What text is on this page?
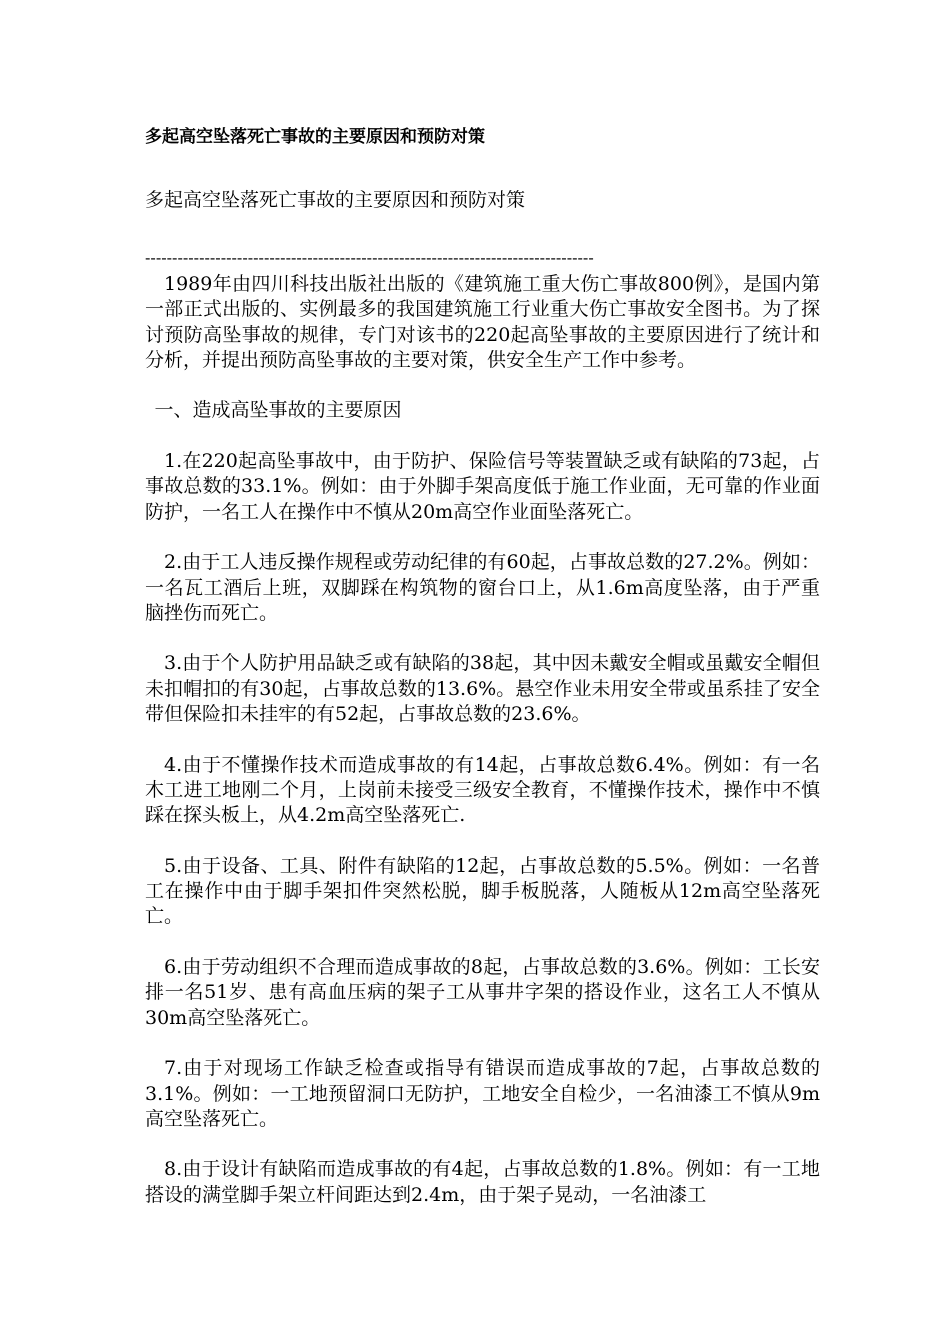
多起高空坠落死亡事故的主要原因和预防对策
多起高空坠落死亡事故的主要原因和预防对策
-----------------------------------------------------------------------------------

1989年由四川科技出版社出版的《建筑施工重大伤亡事故800例》，是国内第一部正式出版的、实例最多的我国建筑施工行业重大伤亡事故安全图书。为了探讨预防高坠事故的规律，专门对该书的220起高坠事故的主要原因进行了统计和分析，并提出预防高坠事故的主要对策，供安全生产工作中参考。

一、造成高坠事故的主要原因

1.在220起高坠事故中，由于防护、保险信号等装置缺乏或有缺陷的73起，占事故总数的33.1%。例如：由于外脚手架高度低于施工作业面，无可靠的作业面防护，一名工人在操作中不慎从20m高空作业面坠落死亡。

2.由于工人违反操作规程或劳动纪律的有60起，占事故总数的27.2%。例如：一名瓦工酒后上班，双脚踩在构筑物的窗台口上，从1.6m高度坠落，由于严重脑挫伤而死亡。

3.由于个人防护用品缺乏或有缺陷的38起，其中因未戴安全帽或虽戴安全帽但未扣帽扣的有30起，占事故总数的13.6%。悬空作业未用安全带或虽系挂了安全带但保险扣未挂牢的有52起，占事故总数的23.6%。

4.由于不懂操作技术而造成事故的有14起，占事故总数6.4%。例如：有一名木工进工地刚二个月，上岗前未接受三级安全教育，不懂操作技术，操作中不慎踩在探头板上，从4.2m高空坠落死亡.

5.由于设备、工具、附件有缺陷的12起，占事故总数的5.5%。例如：一名普工在操作中由于脚手架扣件突然松脱，脚手板脱落，人随板从12m高空坠落死亡。

6.由于劳动组织不合理而造成事故的8起，占事故总数的3.6%。例如：工长安排一名51岁、患有高血压病的架子工从事井字架的搭设作业，这名工人不慎从30m高空坠落死亡。

7.由于对现场工作缺乏检查或指导有错误而造成事故的7起，占事故总数的3.1%。例如：一工地预留洞口无防护，工地安全自检少，一名油漆工不慎从9m高空坠落死亡。

8.由于设计有缺陷而造成事故的有4起，占事故总数的1.8%。例如：有一工地搭设的满堂脚手架立杆间距达到2.4m，由于架子晃动，一名油漆工
